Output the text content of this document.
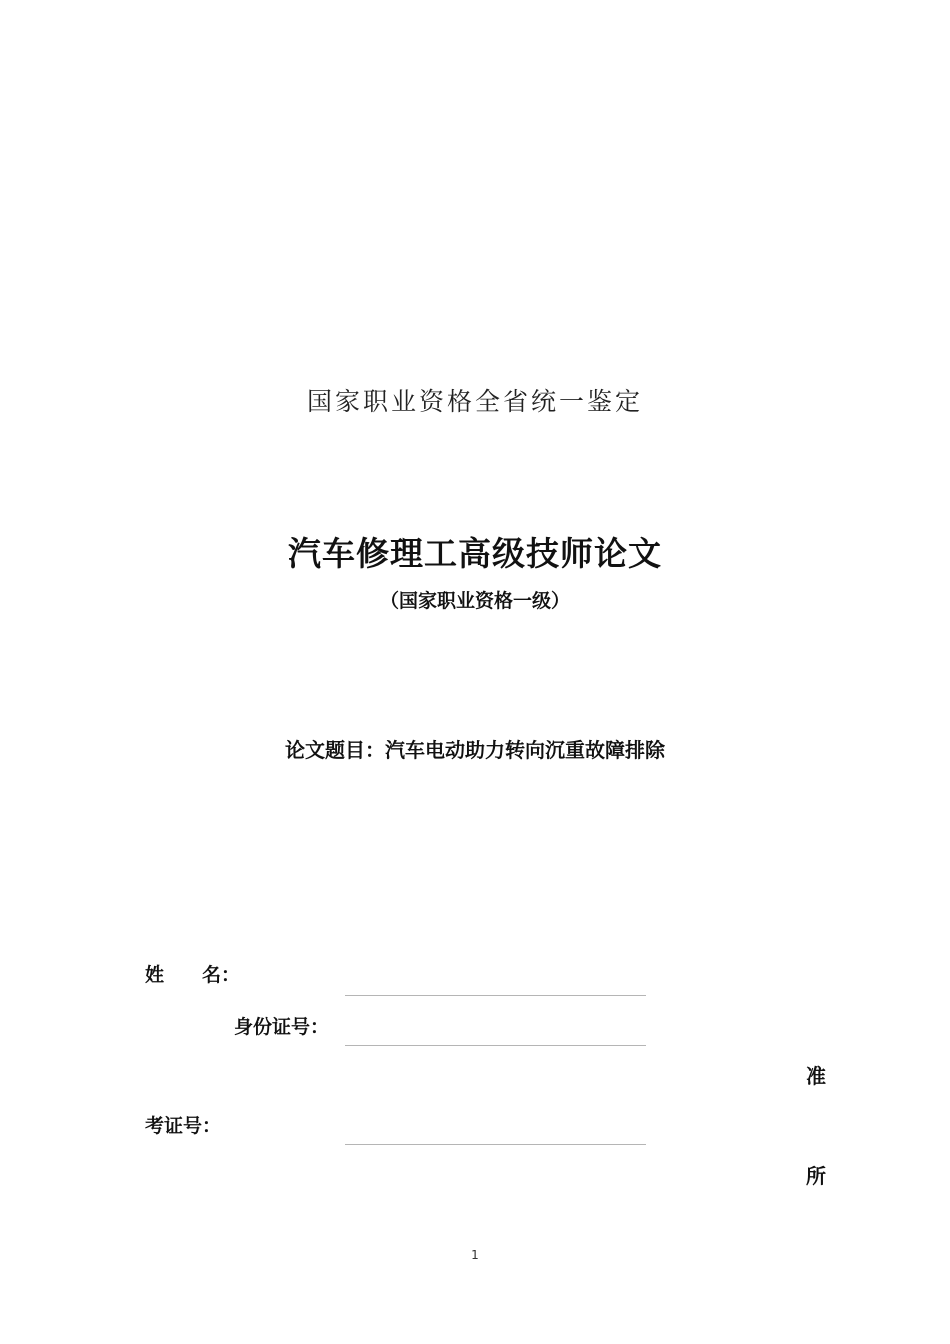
国家职业资格全省统一鉴定
汽车修理工高级技师论文
（国家职业资格一级）
论文题目：汽车电动助力转向沉重故障排除
姓　　名：
身份证号：
准
考证号：
所
1
